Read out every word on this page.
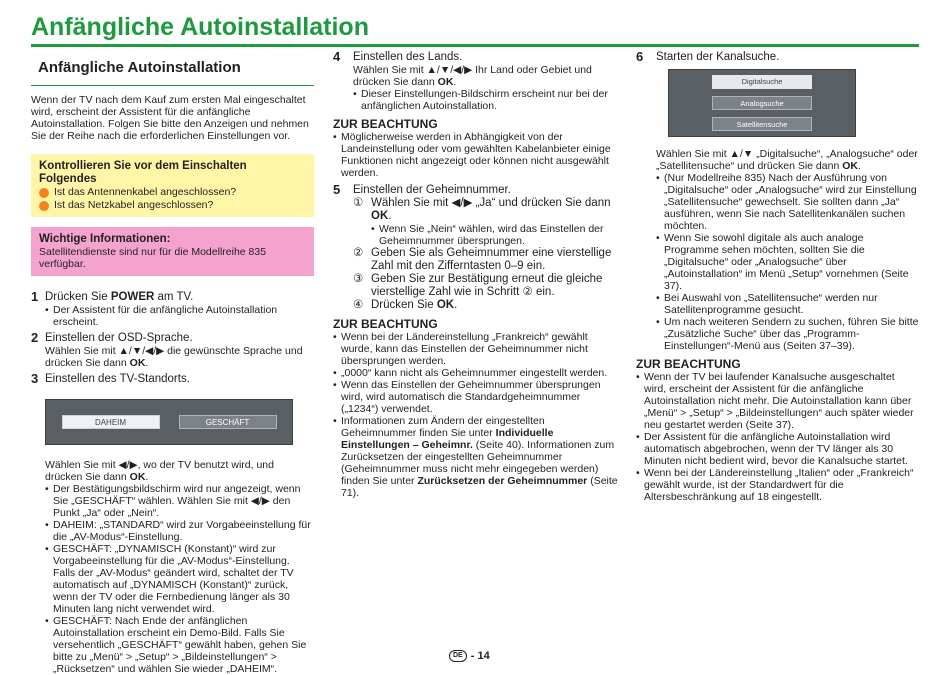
Anfängliche Autoinstallation
Anfängliche Autoinstallation
Wenn der TV nach dem Kauf zum ersten Mal eingeschaltet wird, erscheint der Assistent für die anfängliche Autoinstallation. Folgen Sie bitte den Anzeigen und nehmen Sie der Reihe nach die erforderlichen Einstellungen vor.
Kontrollieren Sie vor dem Einschalten Folgendes
Ist das Antennenkabel angeschlossen?
Ist das Netzkabel angeschlossen?
Wichtige Informationen:
Satellitendienste sind nur für die Modellreihe 835 verfügbar.
1 Drücken Sie POWER am TV.
• Der Assistent für die anfängliche Autoinstallation erscheint.
2 Einstellen der OSD-Sprache.
Wählen Sie mit ▲/▼/◀/▶ die gewünschte Sprache und drücken Sie dann OK.
3 Einstellen des TV-Standorts.
DAHEIM	GESCHÄFT
Wählen Sie mit ◀/▶, wo der TV benutzt wird, und drücken Sie dann OK.
• Der Bestätigungsbildschirm wird nur angezeigt, wenn Sie „GESCHÄFT“ wählen. Wählen Sie mit ◀/▶ den Punkt „Ja“ oder „Nein“.
• DAHEIM: „STANDARD“ wird zur Vorgabeeinstellung für die „AV-Modus“-Einstellung.
• GESCHÄFT: „DYNAMISCH (Konstant)“ wird zur Vorgabeeinstellung für die „AV-Modus“-Einstellung. Falls der „AV-Modus“ geändert wird, schaltet der TV automatisch auf „DYNAMISCH (Konstant)“ zurück, wenn der TV oder die Fernbedienung länger als 30 Minuten lang nicht verwendet wird.
• GESCHÄFT: Nach Ende der anfänglichen Autoinstallation erscheint ein Demo-Bild. Falls Sie versehentlich „GESCHÄFT“ gewählt haben, gehen Sie bitte zu „Menü“ > „Setup“ > „Bildeinstellungen“ > „Rücksetzen“ und wählen Sie wieder „DAHEIM“.
4	Einstellen des Lands.
Wählen Sie mit ▲/▼/◀/▶ Ihr Land oder Gebiet und drücken Sie dann OK.
• Dieser Einstellungen-Bildschirm erscheint nur bei der anfänglichen Autoinstallation.
ZUR BEACHTUNG
• Möglicherweise werden in Abhängigkeit von der Landeinstellung oder vom gewählten Kabelanbieter einige Funktionen nicht angezeigt oder können nicht ausgewählt werden.
5	Einstellen der Geheimnummer.
① Wählen Sie mit ◀/▶ „Ja“ und drücken Sie dann OK.
• Wenn Sie „Nein“ wählen, wird das Einstellen der Geheimnummer übersprungen.
② Geben Sie als Geheimnummer eine vierstellige Zahl mit den Zifferntasten 0–9 ein.
③ Geben Sie zur Bestätigung erneut die gleiche vierstellige Zahl wie in Schritt ② ein.
④ Drücken Sie OK.
ZUR BEACHTUNG
• Wenn bei der Ländereinstellung „Frankreich“ gewählt wurde, kann das Einstellen der Geheimnummer nicht übersprungen werden.
• „0000“ kann nicht als Geheimnummer eingestellt werden.
• Wenn das Einstellen der Geheimnummer übersprungen wird, wird automatisch die Standardgeheimnummer („1234“) verwendet.
• Informationen zum Ändern der eingestellten Geheimnummer finden Sie unter Individuelle Einstellungen – Geheimnr. (Seite 40). Informationen zum Zurücksetzen der eingestellten Geheimnummer (Geheimnummer muss nicht mehr eingegeben werden) finden Sie unter Zurücksetzen der Geheimnummer (Seite 71).
6	Starten der Kanalsuche.
Digitalsuche
Analogsuche
Satellitensuche
Wählen Sie mit ▲/▼ „Digitalsuche“, „Analogsuche“ oder „Satellitensuche“ und drücken Sie dann OK.
• (Nur Modellreihe 835) Nach der Ausführung von „Digitalsuche“ oder „Analogsuche“ wird zur Einstellung „Satellitensuche“ gewechselt. Sie sollten dann „Ja“ ausführen, wenn Sie nach Satellitenkanälen suchen möchten.
• Wenn Sie sowohl digitale als auch analoge Programme sehen möchten, sollten Sie die „Digitalsuche“ oder „Analogsuche“ über „Autoinstallation“ im Menü „Setup“ vornehmen (Seite 37).
• Bei Auswahl von „Satellitensuche“ werden nur Satellitenprogramme gesucht.
• Um nach weiteren Sendern zu suchen, führen Sie bitte „Zusätzliche Suche“ über das „Programm-Einstellungen“-Menü aus (Seiten 37–39).
ZUR BEACHTUNG
• Wenn der TV bei laufender Kanalsuche ausgeschaltet wird, erscheint der Assistent für die anfängliche Autoinstallation nicht mehr. Die Autoinstallation kann über „Menü“ > „Setup“ > „Bildeinstellungen“ auch später wieder neu gestartet werden (Seite 37).
• Der Assistent für die anfängliche Autoinstallation wird automatisch abgebrochen, wenn der TV länger als 30 Minuten nicht bedient wird, bevor die Kanalsuche startet.
• Wenn bei der Ländereinstellung „Italien“ oder „Frankreich“ gewählt wurde, ist der Standardwert für die Altersbeschränkung auf 18 eingestellt.
DE - 14
